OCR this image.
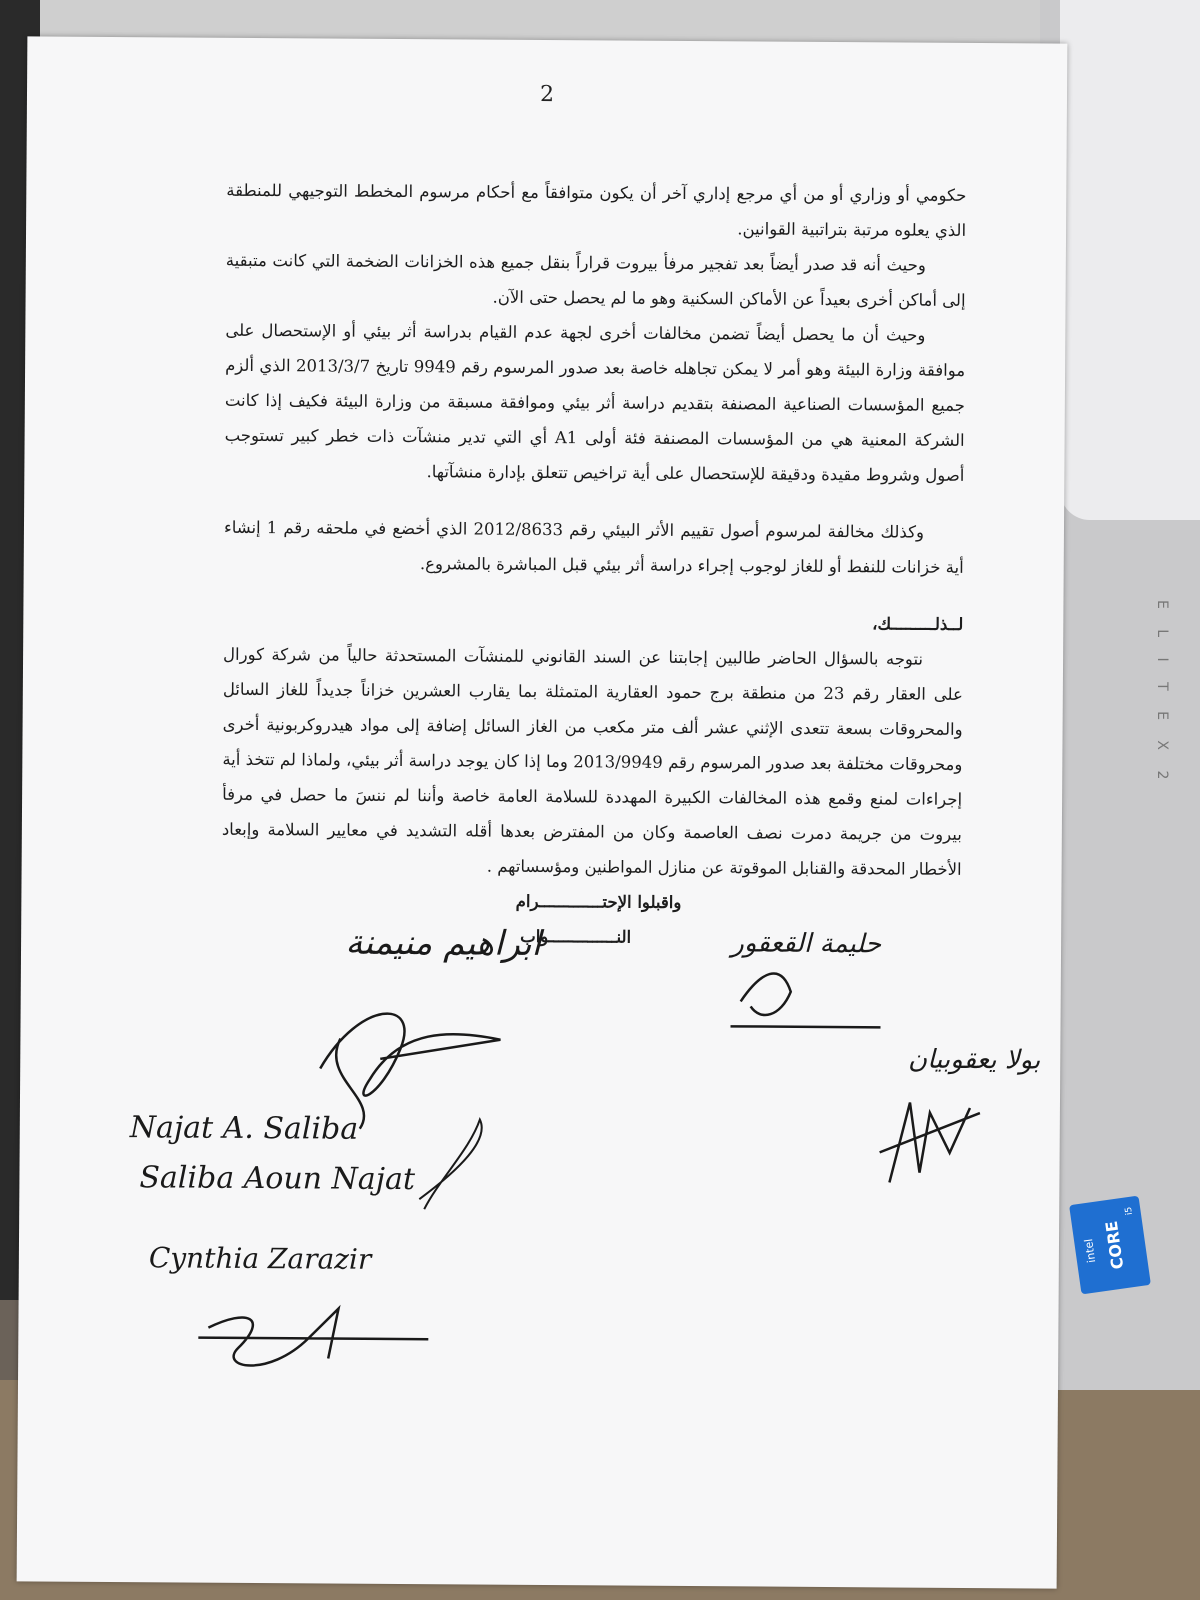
E L I T E X 2
intel CORE
i5
2

حكومي أو وزاري أو من أي مرجع إداري آخر أن يكون متوافقاً مع أحكام مرسوم المخطط التوجيهي للمنطقة الذي يعلوه مرتبة بتراتبية القوانين.

وحيث أنه قد صدر أيضاً بعد تفجير مرفأ بيروت قراراً بنقل جميع هذه الخزانات الضخمة التي كانت متبقية إلى أماكن أخرى بعيداً عن الأماكن السكنية وهو ما لم يحصل حتى الآن.

وحيث أن ما يحصل أيضاً تضمن مخالفات أخرى لجهة عدم القيام بدراسة أثر بيئي أو الإستحصال على موافقة وزارة البيئة وهو أمر لا يمكن تجاهله خاصة بعد صدور المرسوم رقم 9949 تاريخ 2013/3/7 الذي ألزم جميع المؤسسات الصناعية المصنفة بتقديم دراسة أثر بيئي وموافقة مسبقة من وزارة البيئة فكيف إذا كانت الشركة المعنية هي من المؤسسات المصنفة فئة أولى A1 أي التي تدير منشآت ذات خطر كبير تستوجب أصول وشروط مقيدة ودقيقة للإستحصال على أية تراخيص تتعلق بإدارة منشآتها.

وكذلك مخالفة لمرسوم أصول تقييم الأثر البيئي رقم 2012/8633 الذي أخضع في ملحقه رقم 1 إنشاء أية خزانات للنفط أو للغاز لوجوب إجراء دراسة أثر بيئي قبل المباشرة بالمشروع.

لــذلـــــــــك،

نتوجه بالسؤال الحاضر طالبين إجابتنا عن السند القانوني للمنشآت المستحدثة حالياً من شركة كورال على العقار رقم 23 من منطقة برج حمود العقارية المتمثلة بما يقارب العشرين خزاناً جديداً للغاز السائل والمحروقات بسعة تتعدى الإثني عشر ألف متر مكعب من الغاز السائل إضافة إلى مواد هيدروكربونية أخرى ومحروقات مختلفة بعد صدور المرسوم رقم 2013/9949 وما إذا كان يوجد دراسة أثر بيئي، ولماذا لم تتخذ أية إجراءات لمنع وقمع هذه المخالفات الكبيرة المهددة للسلامة العامة خاصة وأننا لم ننسَ ما حصل في مرفأ بيروت من جريمة دمرت نصف العاصمة وكان من المفترض بعدها أقله التشديد في معايير السلامة وإبعاد الأخطار المحدقة والقنابل الموقوتة عن منازل المواطنين ومؤسساتهم .

واقبلوا الإحتـــــــــــــرام

النــــــــــــــواب

ابراهيم منيمنة	حليمة القعقور
بولا يعقوبيان
Najat A. Saliba
Saliba Aoun Najat
Cynthia Zarazir
